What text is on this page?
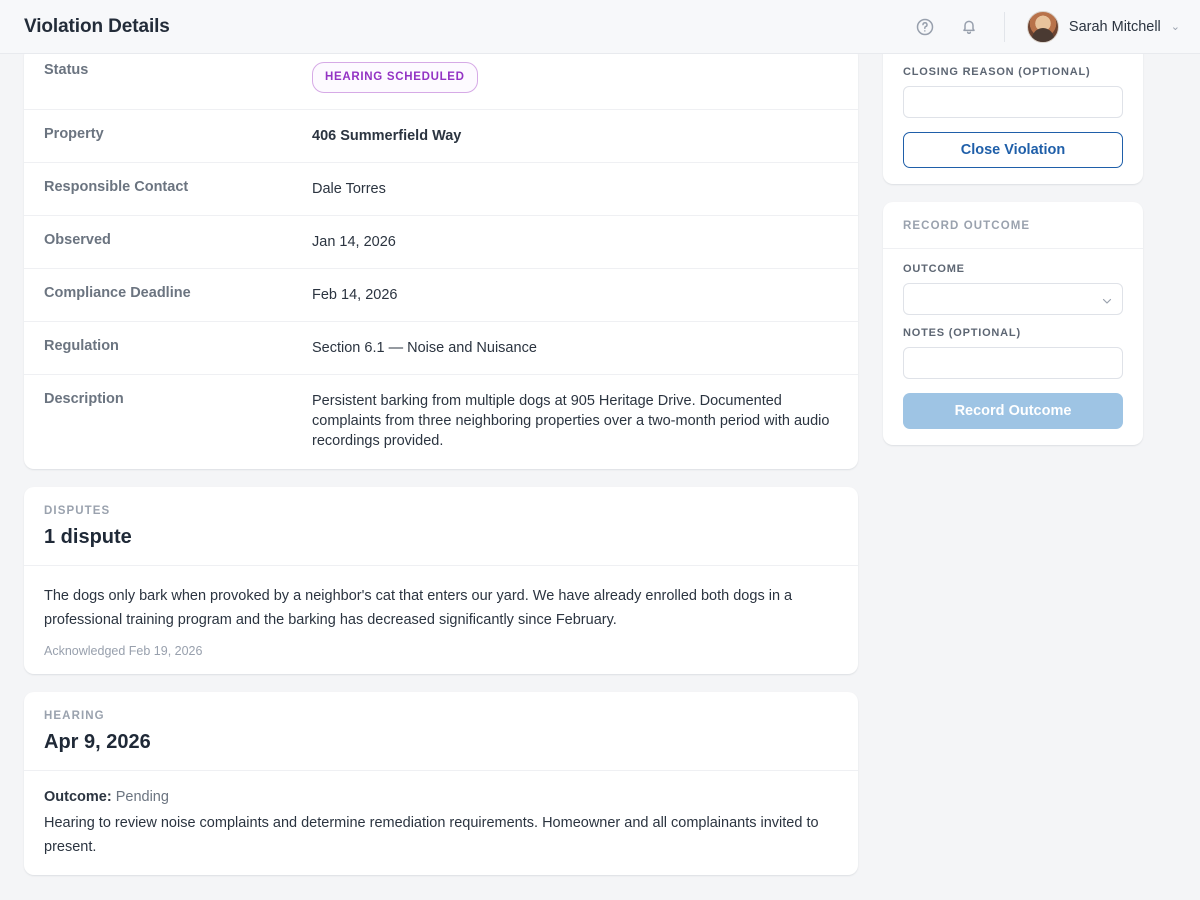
Violation Details	Sarah Mitchell ⌄
Status	HEARING SCHEDULED
Property	406 Summerfield Way
Responsible Contact	Dale Torres
Observed	Jan 14, 2026
Compliance Deadline	Feb 14, 2026
Regulation	Section 6.1 — Noise and Nuisance
Description	Persistent barking from multiple dogs at 905 Heritage Drive. Documented complaints from three neighboring properties over a two-month period with audio recordings provided.
DISPUTES
1 dispute
The dogs only bark when provoked by a neighbor's cat that enters our yard. We have already enrolled both dogs in a professional training program and the barking has decreased significantly since February.
Acknowledged Feb 19, 2026
HEARING
Apr 9, 2026
Outcome: Pending
Hearing to review noise complaints and determine remediation requirements. Homeowner and all complainants invited to present.
CLOSING REASON (OPTIONAL)
Close Violation
RECORD OUTCOME
OUTCOME
NOTES (OPTIONAL)
Record Outcome
